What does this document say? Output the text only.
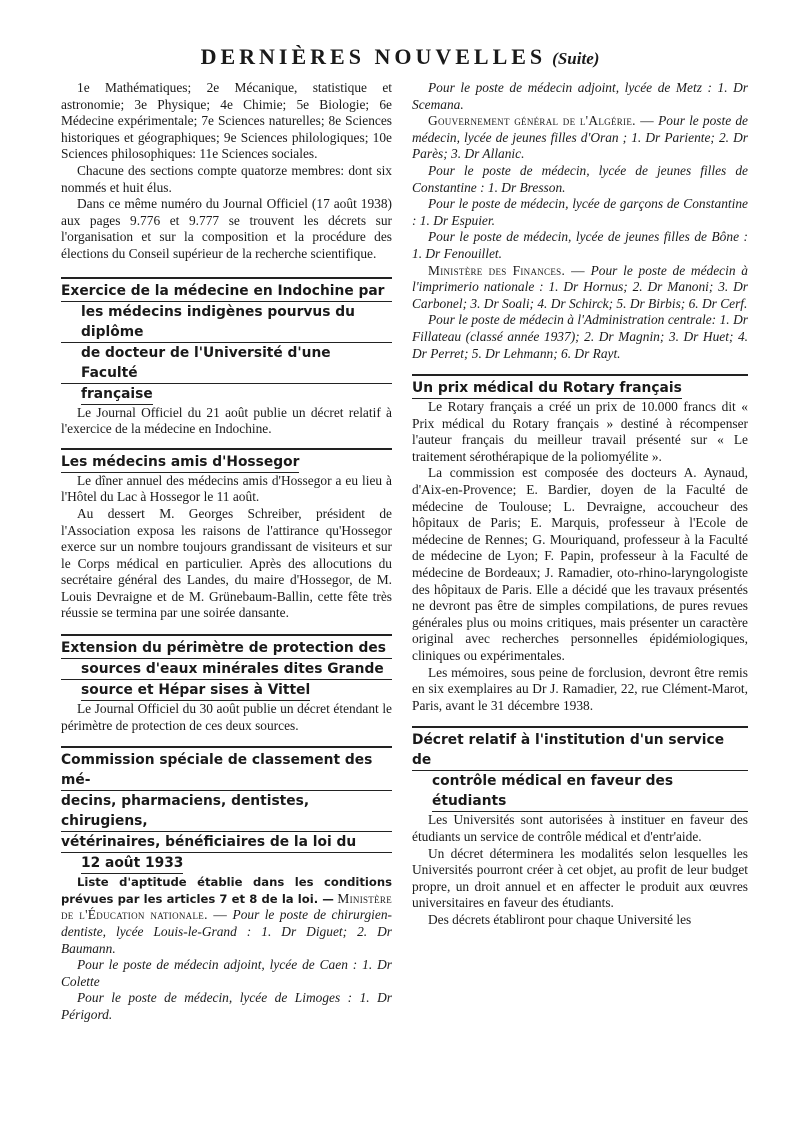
DERNIÈRES NOUVELLES (Suite)

1e Mathématiques; 2e Mécanique, statistique et astronomie; 3e Physique; 4e Chimie; 5e Biologie; 6e Médecine expérimentale; 7e Sciences naturelles; 8e Sciences historiques et géographiques; 9e Sciences philologiques; 10e Sciences philosophiques: 11e Sciences sociales.

Chacune des sections compte quatorze membres: dont six nommés et huit élus.

Dans ce même numéro du Journal Officiel (17 août 1938) aux pages 9.776 et 9.777 se trouvent les décrets sur l'organisation et sur la composition et la procédure des élections du Conseil supérieur de la recherche scientifique.

Exercice de la médecine en Indochine par
les médecins indigènes pourvus du diplôme
de docteur de l'Université d'une Faculté
française

Le Journal Officiel du 21 août publie un décret relatif à l'exercice de la médecine en Indochine.

Les médecins amis d'Hossegor

Le dîner annuel des médecins amis d'Hossegor a eu lieu à l'Hôtel du Lac à Hossegor le 11 août.

Au dessert M. Georges Schreiber, président de l'Association exposa les raisons de l'attirance qu'Hossegor exerce sur un nombre toujours grandissant de visiteurs et sur le Corps médical en particulier. Après des allocutions du secrétaire général des Landes, du maire d'Hossegor, de M. Louis Devraigne et de M. Grünebaum-Ballin, cette fête très réussie se termina par une soirée dansante.

Extension du périmètre de protection des
sources d'eaux minérales dites Grande
source et Hépar sises à Vittel

Le Journal Officiel du 30 août publie un décret étendant le périmètre de protection de ces deux sources.

Commission spéciale de classement des mé-
decins, pharmaciens, dentistes, chirugiens,
vétérinaires, bénéficiaires de la loi du
12 août 1933

Liste d'aptitude établie dans les conditions prévues par les articles 7 et 8 de la loi. — Ministère de l'Éducation nationale. — Pour le poste de chirurgien-dentiste, lycée Louis-le-Grand : 1. Dr Diguet; 2. Dr Baumann.

Pour le poste de médecin adjoint, lycée de Caen : 1. Dr Colette

Pour le poste de médecin, lycée de Limoges : 1. Dr Périgord.

Pour le poste de médecin adjoint, lycée de Metz : 1. Dr Scemana.

Gouvernement général de l'Algérie. — Pour le poste de médecin, lycée de jeunes filles d'Oran ; 1. Dr Pariente; 2. Dr Parès; 3. Dr Allanic.

Pour le poste de médecin, lycée de jeunes filles de Constantine : 1. Dr Bresson.

Pour le poste de médecin, lycée de garçons de Constantine : 1. Dr Espuier.

Pour le poste de médecin, lycée de jeunes filles de Bône : 1. Dr Fenouillet.

Ministère des Finances. — Pour le poste de médecin à l'imprimerio nationale : 1. Dr Hornus; 2. Dr Manoni; 3. Dr Carbonel; 3. Dr Soali; 4. Dr Schirck; 5. Dr Birbis; 6. Dr Cerf.

Pour le poste de médecin à l'Administration centrale: 1. Dr Fillateau (classé année 1937); 2. Dr Magnin; 3. Dr Huet; 4. Dr Perret; 5. Dr Lehmann; 6. Dr Rayt.

Un prix médical du Rotary français

Le Rotary français a créé un prix de 10.000 francs dit « Prix médical du Rotary français » destiné à récompenser l'auteur français du meilleur travail présenté sur « Le traitement sérothérapique de la poliomyélite ».

La commission est composée des docteurs A. Aynaud, d'Aix-en-Provence; E. Bardier, doyen de la Faculté de médecine de Toulouse; L. Devraigne, accoucheur des hôpitaux de Paris; E. Marquis, professeur à l'Ecole de médecine de Rennes; G. Mouriquand, professeur à la Faculté de médecine de Lyon; F. Papin, professeur à la Faculté de médecine de Bordeaux; J. Ramadier, oto-rhino-laryngologiste des hôpitaux de Paris. Elle a décidé que les travaux présentés ne devront pas être de simples compilations, de pures revues générales plus ou moins critiques, mais présenter un caractère original avec recherches personnelles épidémiologiques, cliniques ou expérimentales.

Les mémoires, sous peine de forclusion, devront être remis en six exemplaires au Dr J. Ramadier, 22, rue Clément-Marot, Paris, avant le 31 décembre 1938.

Décret relatif à l'institution d'un service de
contrôle médical en faveur des étudiants

Les Universités sont autorisées à instituer en faveur des étudiants un service de contrôle médical et d'entr'aide.

Un décret déterminera les modalités selon lesquelles les Universités pourront créer à cet objet, au profit de leur budget propre, un droit annuel et en affecter le produit aux œuvres universitaires en faveur des étudiants.

Des décrets établiront pour chaque Université les
